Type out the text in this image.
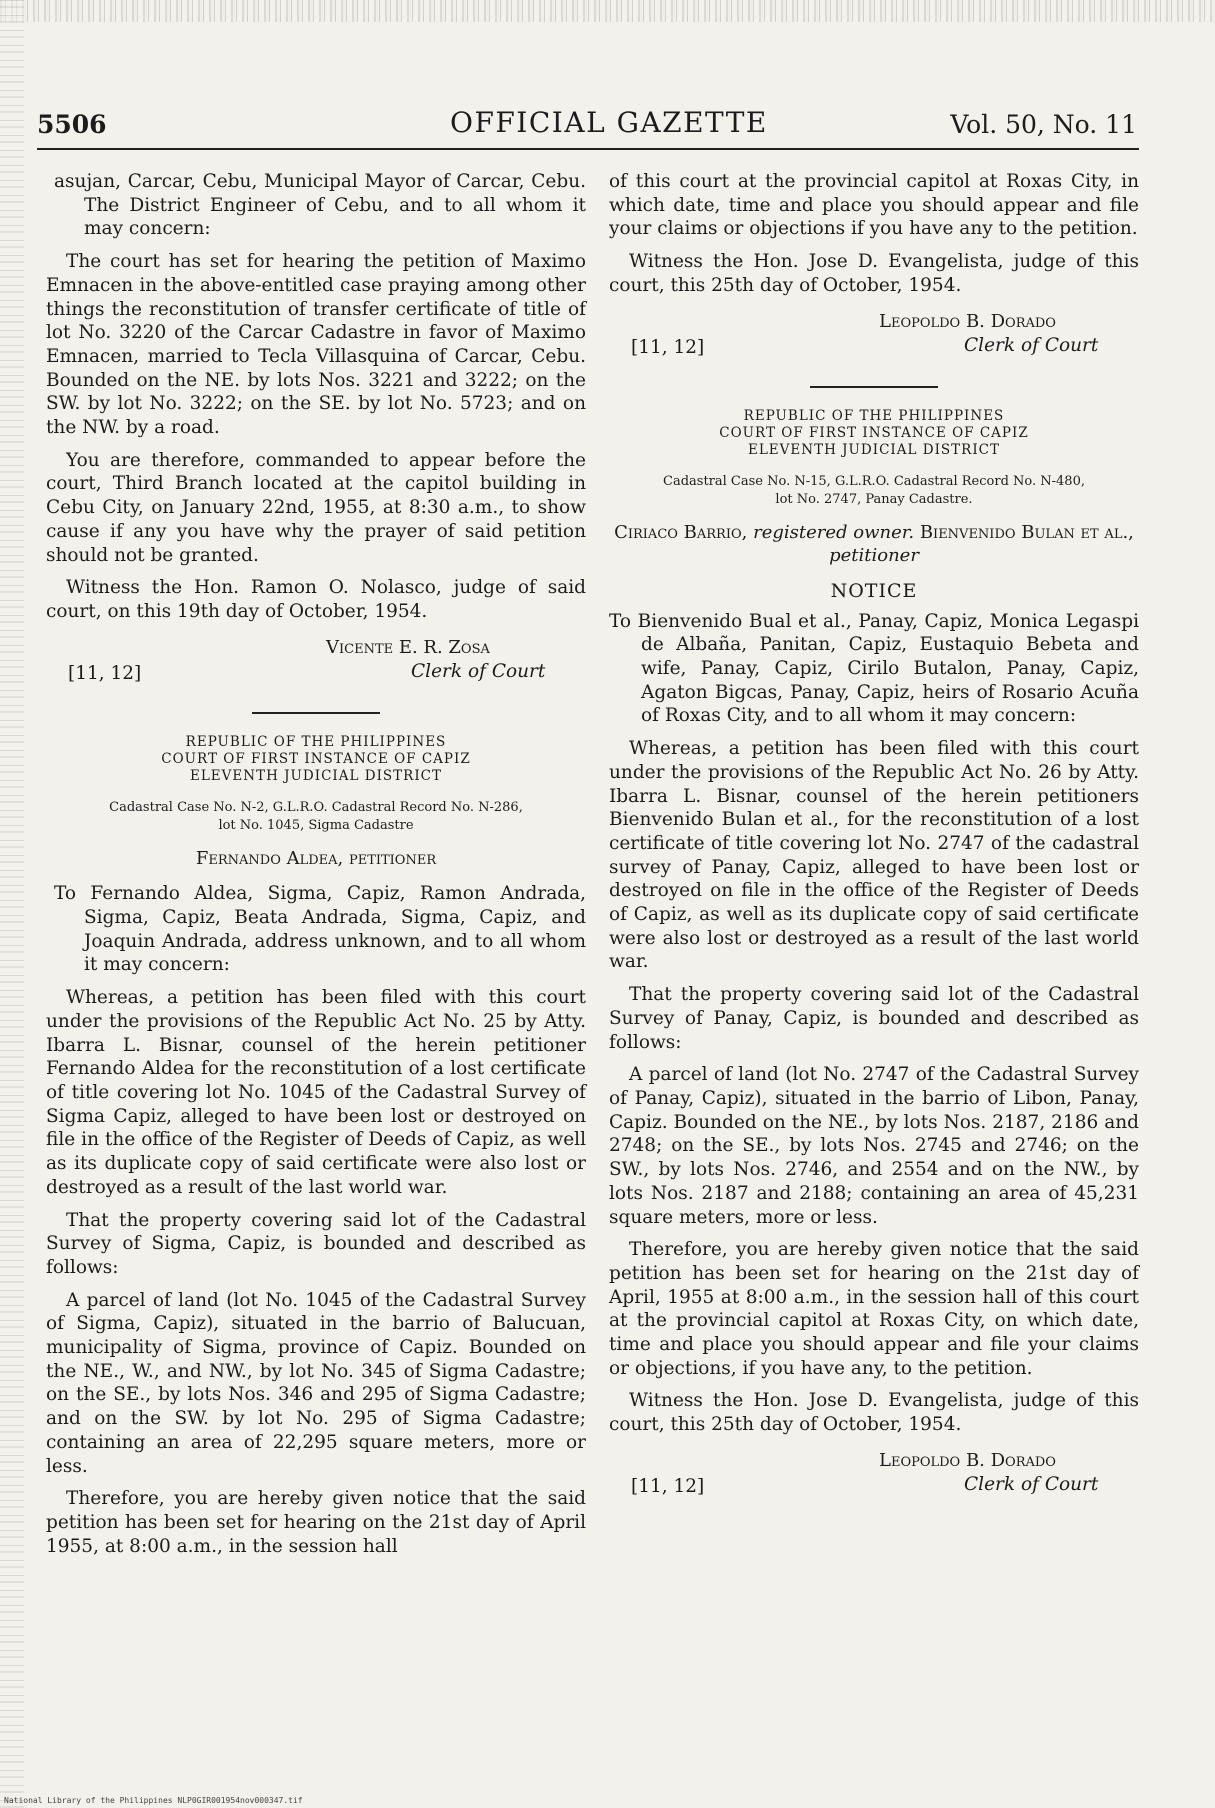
5506	OFFICIAL GAZETTE	Vol. 50, No. 11

asujan, Carcar, Cebu, Municipal Mayor of Carcar, Cebu. The District Engineer of Cebu, and to all whom it may concern:

The court has set for hearing the petition of Maximo Emnacen in the above-entitled case praying among other things the reconstitution of transfer certificate of title of lot No. 3220 of the Carcar Cadastre in favor of Maximo Emnacen, married to Tecla Villasquina of Carcar, Cebu. Bounded on the NE. by lots Nos. 3221 and 3222; on the SW. by lot No. 3222; on the SE. by lot No. 5723; and on the NW. by a road.

You are therefore, commanded to appear before the court, Third Branch located at the capitol building in Cebu City, on January 22nd, 1955, at 8:30 a.m., to show cause if any you have why the prayer of said petition should not be granted.

Witness the Hon. Ramon O. Nolasco, judge of said court, on this 19th day of October, 1954.

Vicente E. R. Zosa
Clerk of Court
[11, 12]
REPUBLIC OF THE PHILIPPINES
COURT OF FIRST INSTANCE OF CAPIZ
ELEVENTH JUDICIAL DISTRICT
Cadastral Case No. N-2, G.L.R.O. Cadastral Record No. N-286,
lot No. 1045, Sigma Cadastre
Fernando Aldea, petitioner

To Fernando Aldea, Sigma, Capiz, Ramon Andrada, Sigma, Capiz, Beata Andrada, Sigma, Capiz, and Joaquin Andrada, address unknown, and to all whom it may concern:

Whereas, a petition has been filed with this court under the provisions of the Republic Act No. 25 by Atty. Ibarra L. Bisnar, counsel of the herein petitioner Fernando Aldea for the reconstitution of a lost certificate of title covering lot No. 1045 of the Cadastral Survey of Sigma Capiz, alleged to have been lost or destroyed on file in the office of the Register of Deeds of Capiz, as well as its duplicate copy of said certificate were also lost or destroyed as a result of the last world war.

That the property covering said lot of the Cadastral Survey of Sigma, Capiz, is bounded and described as follows:

A parcel of land (lot No. 1045 of the Cadastral Survey of Sigma, Capiz), situated in the barrio of Balucuan, municipality of Sigma, province of Capiz. Bounded on the NE., W., and NW., by lot No. 345 of Sigma Cadastre; on the SE., by lots Nos. 346 and 295 of Sigma Cadastre; and on the SW. by lot No. 295 of Sigma Cadastre; containing an area of 22,295 square meters, more or less.

Therefore, you are hereby given notice that the said petition has been set for hearing on the 21st day of April 1955, at 8:00 a.m., in the session hall

of this court at the provincial capitol at Roxas City, in which date, time and place you should appear and file your claims or objections if you have any to the petition.

Witness the Hon. Jose D. Evangelista, judge of this court, this 25th day of October, 1954.

Leopoldo B. Dorado
Clerk of Court
[11, 12]
REPUBLIC OF THE PHILIPPINES
COURT OF FIRST INSTANCE OF CAPIZ
ELEVENTH JUDICIAL DISTRICT
Cadastral Case No. N-15, G.L.R.O. Cadastral Record No. N-480,
lot No. 2747, Panay Cadastre.
Ciriaco Barrio, registered owner. Bienvenido Bulan et al., petitioner
NOTICE

To Bienvenido Bual et al., Panay, Capiz, Monica Legaspi de Albaña, Panitan, Capiz, Eustaquio Bebeta and wife, Panay, Capiz, Cirilo Butalon, Panay, Capiz, Agaton Bigcas, Panay, Capiz, heirs of Rosario Acuña of Roxas City, and to all whom it may concern:

Whereas, a petition has been filed with this court under the provisions of the Republic Act No. 26 by Atty. Ibarra L. Bisnar, counsel of the herein petitioners Bienvenido Bulan et al., for the reconstitution of a lost certificate of title covering lot No. 2747 of the cadastral survey of Panay, Capiz, alleged to have been lost or destroyed on file in the office of the Register of Deeds of Capiz, as well as its duplicate copy of said certificate were also lost or destroyed as a result of the last world war.

That the property covering said lot of the Cadastral Survey of Panay, Capiz, is bounded and described as follows:

A parcel of land (lot No. 2747 of the Cadastral Survey of Panay, Capiz), situated in the barrio of Libon, Panay, Capiz. Bounded on the NE., by lots Nos. 2187, 2186 and 2748; on the SE., by lots Nos. 2745 and 2746; on the SW., by lots Nos. 2746, and 2554 and on the NW., by lots Nos. 2187 and 2188; containing an area of 45,231 square meters, more or less.

Therefore, you are hereby given notice that the said petition has been set for hearing on the 21st day of April, 1955 at 8:00 a.m., in the session hall of this court at the provincial capitol at Roxas City, on which date, time and place you should appear and file your claims or objections, if you have any, to the petition.

Witness the Hon. Jose D. Evangelista, judge of this court, this 25th day of October, 1954.

Leopoldo B. Dorado
Clerk of Court
[11, 12]
National Library of the Philippines NLP0GIR001954nov000347.tif
